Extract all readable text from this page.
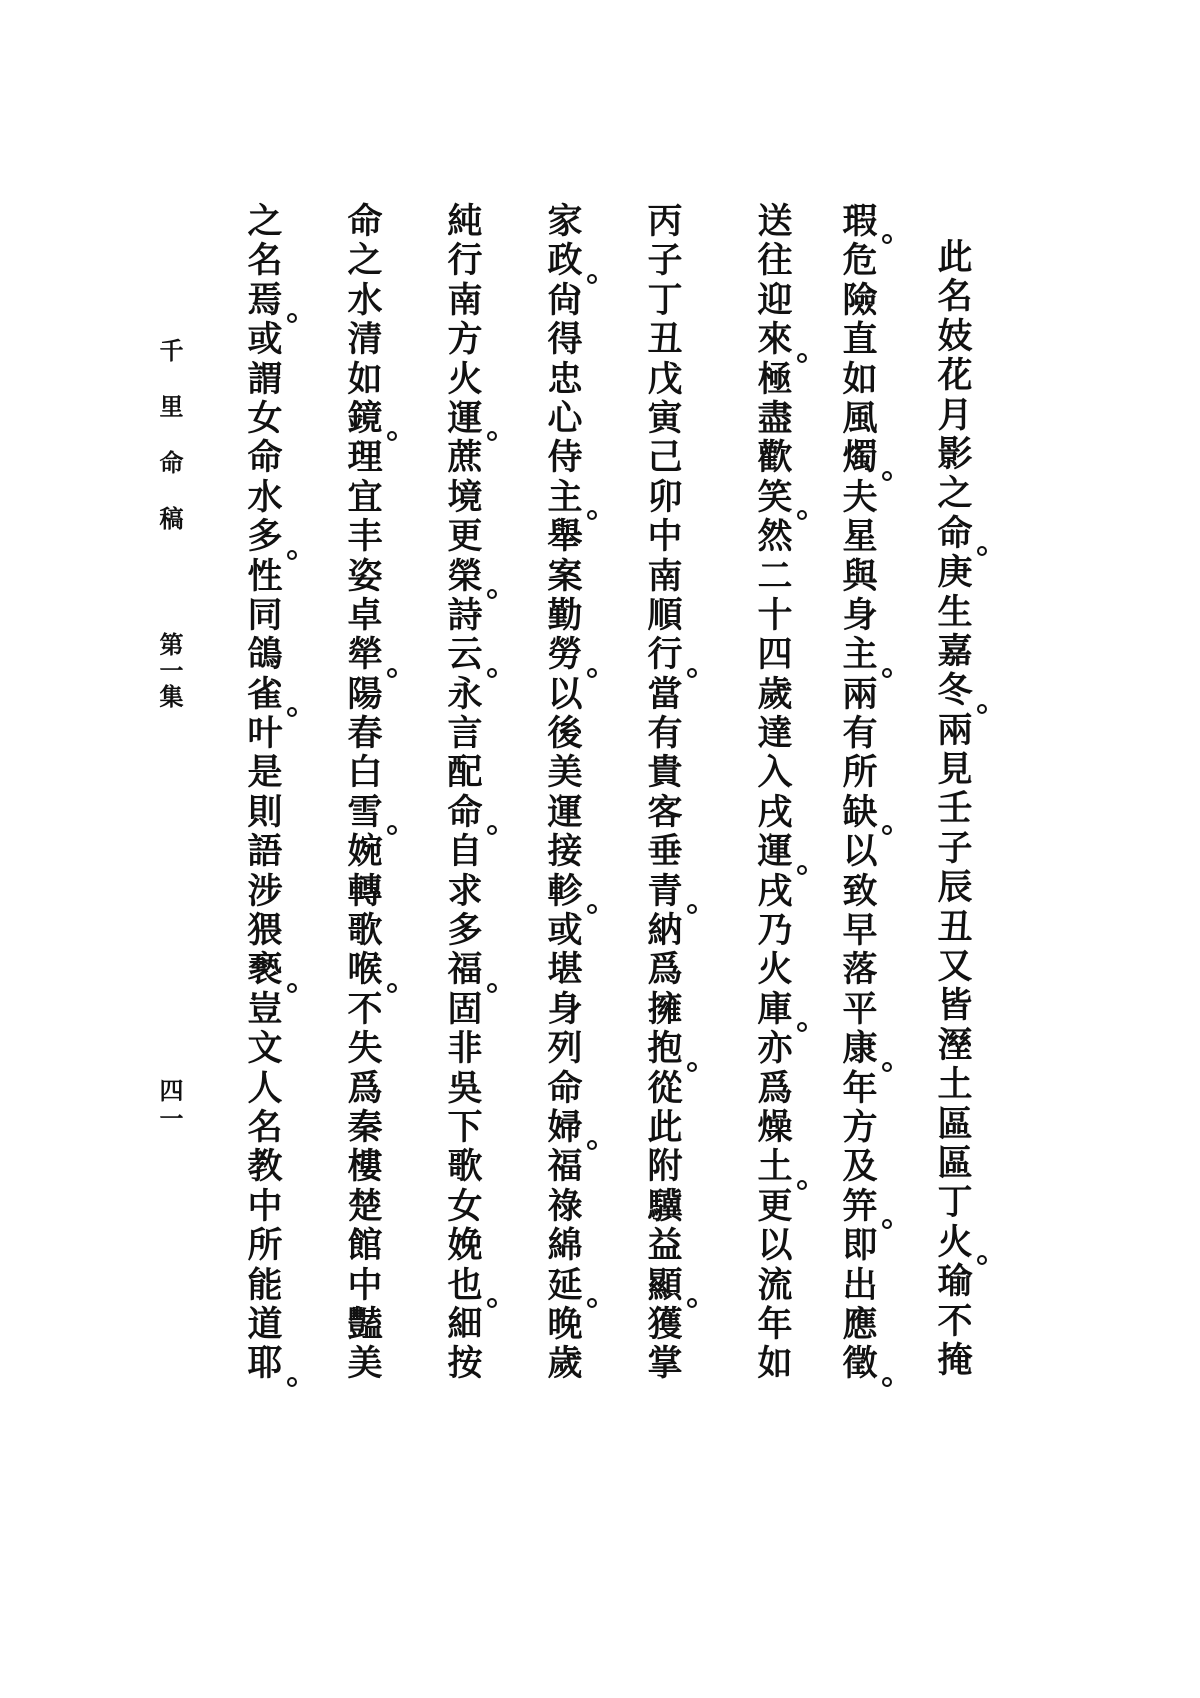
此
名
妓
花
月
影
之
命
庚
生
嘉
冬
兩
見
壬
子
辰
丑
又
皆
溼
土
區
區
丁
火
瑜
不
掩
瑕
危
險
直
如
風
燭
夫
星
與
身
主
兩
有
所
缺
以
致
早
落
平
康
年
方
及
笄
即
出
應
徵
送
往
迎
來
極
盡
歡
笑
然
二
十
四
歲
達
入
戌
運
戌
乃
火
庫
亦
爲
燥
土
更
以
流
年
如
丙
子
丁
丑
戊
寅
己
卯
中
南
順
行
當
有
貴
客
垂
青
納
爲
擁
抱
從
此
附
驥
益
顯
獲
掌
家
政
尙
得
忠
心
侍
主
舉
案
勤
勞
以
後
美
運
接
軫
或
堪
身
列
命
婦
福
祿
綿
延
晚
歲
純
行
南
方
火
運
蔗
境
更
榮
詩
云
永
言
配
命
自
求
多
福
固
非
吳
下
歌
女
娩
也
細
按
命
之
水
清
如
鏡
理
宜
丰
姿
卓
犖
陽
春
白
雪
婉
轉
歌
喉
不
失
爲
秦
樓
楚
館
中
豔
美
之
名
焉
或
謂
女
命
水
多
性
同
鴿
雀
叶
是
則
語
涉
猥
褻
豈
文
人
名
教
中
所
能
道
耶
千里命稿
第一集
四一
